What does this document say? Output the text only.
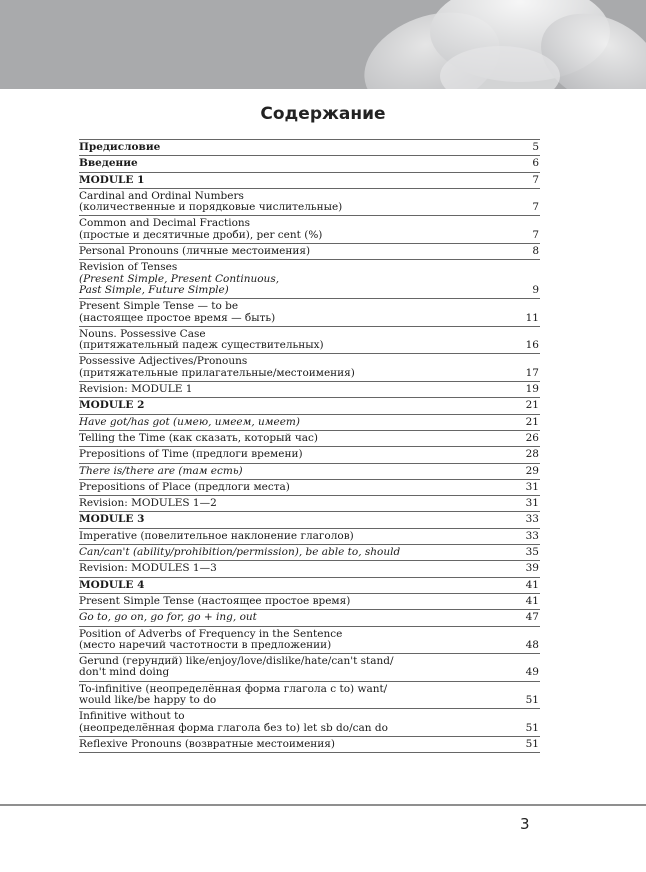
Содержание
Предисловие	5
Введение	6
MODULE 1	7
Cardinal and Ordinal Numbers
(количественные и порядковые числительные)	7
Common and Decimal Fractions
(простые и десятичные дроби), per cent (%)	7
Personal Pronouns (личные местоимения)	8
Revision of Tenses
(Present Simple, Present Continuous,
Past Simple, Future Simple)	9
Present Simple Tense — to be
(настоящее простое время — быть)	11
Nouns. Possessive Case
(притяжательный падеж существительных)	16
Possessive Adjectives/Pronouns
(притяжательные прилагательные/местоимения)	17
Revision: MODULE 1	19
MODULE 2	21
Have got/has got (имею, имеем, имеет)	21
Telling the Time (как сказать, который час)	26
Prepositions of Time (предлоги времени)	28
There is/there are (там есть)	29
Prepositions of Place (предлоги места)	31
Revision: MODULES 1—2	31
MODULE 3	33
Imperative (повелительное наклонение глаголов)	33
Can/can't (ability/prohibition/permission), be able to, should	35
Revision: MODULES 1—3	39
MODULE 4	41
Present Simple Tense (настоящее простое время)	41
Go to, go on, go for, go + ing, out	47
Position of Adverbs of Frequency in the Sentence
(место наречий частотности в предложении)	48
Gerund (герундий) like/enjoy/love/dislike/hate/can't stand/
don't mind doing	49
To-infinitive (неопределённая форма глагола с to) want/
would like/be happy to do	51
Infinitive without to
(неопределённая форма глагола без to) let sb do/can do	51
Reflexive Pronouns (возвратные местоимения)	51
3
